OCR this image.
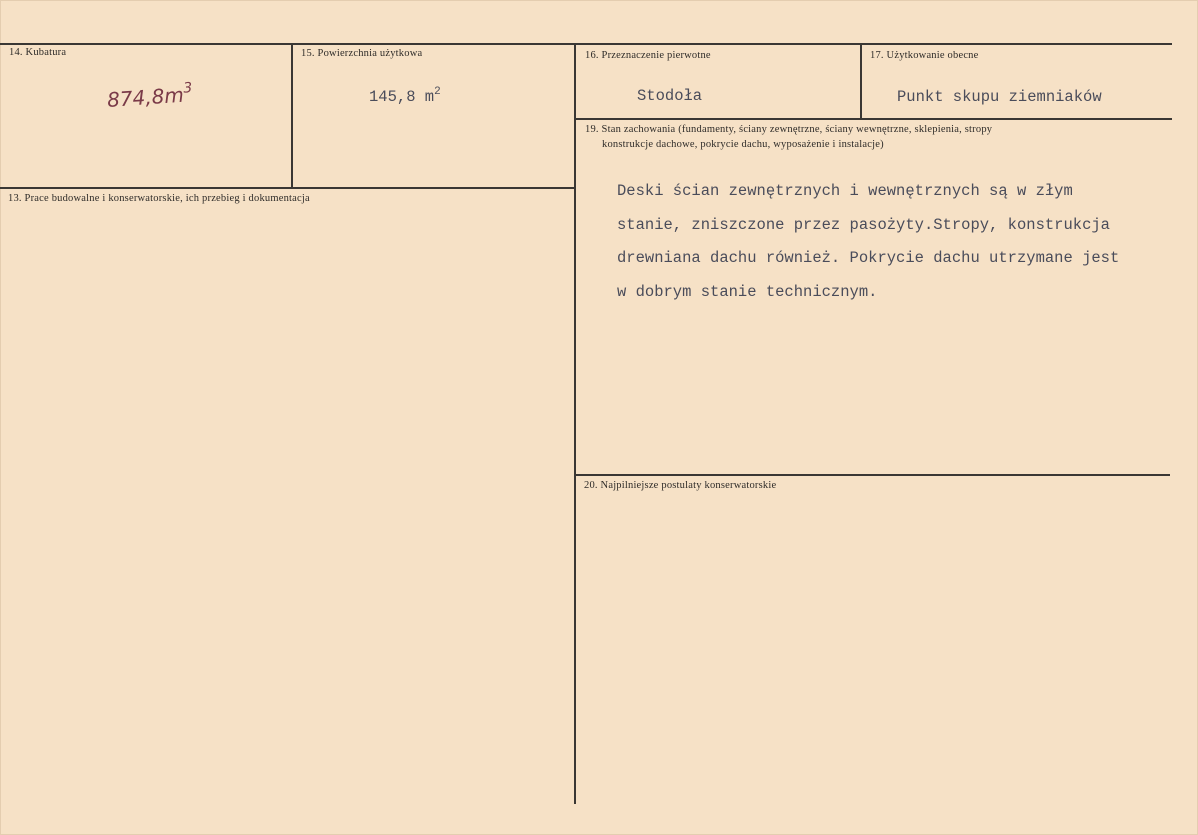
14. Kubatura
$874,8m^3$
15. Powierzchnia użytkowa
145,8 $m^2$
16. Przeznaczenie pierwotne
Stodoła
17. Użytkowanie obecne
Punkt skupu ziemniaków
13. Prace budowalne i konserwatorskie, ich przebieg i dokumentacja
19. Stan zachowania (fundamenty, ściany zewnętrzne, ściany wewnętrzne, sklepienia, stropy
konstrukcje dachowe, pokrycie dachu, wyposażenie i instalacje)
Deski ścian zewnętrznych i wewnętrznych są w złym
stanie, zniszczone przez pasożyty.Stropy, konstrukcja
drewniana dachu również. Pokrycie dachu utrzymane jest
w dobrym stanie technicznym.
20. Najpilniejsze postulaty konserwatorskie
